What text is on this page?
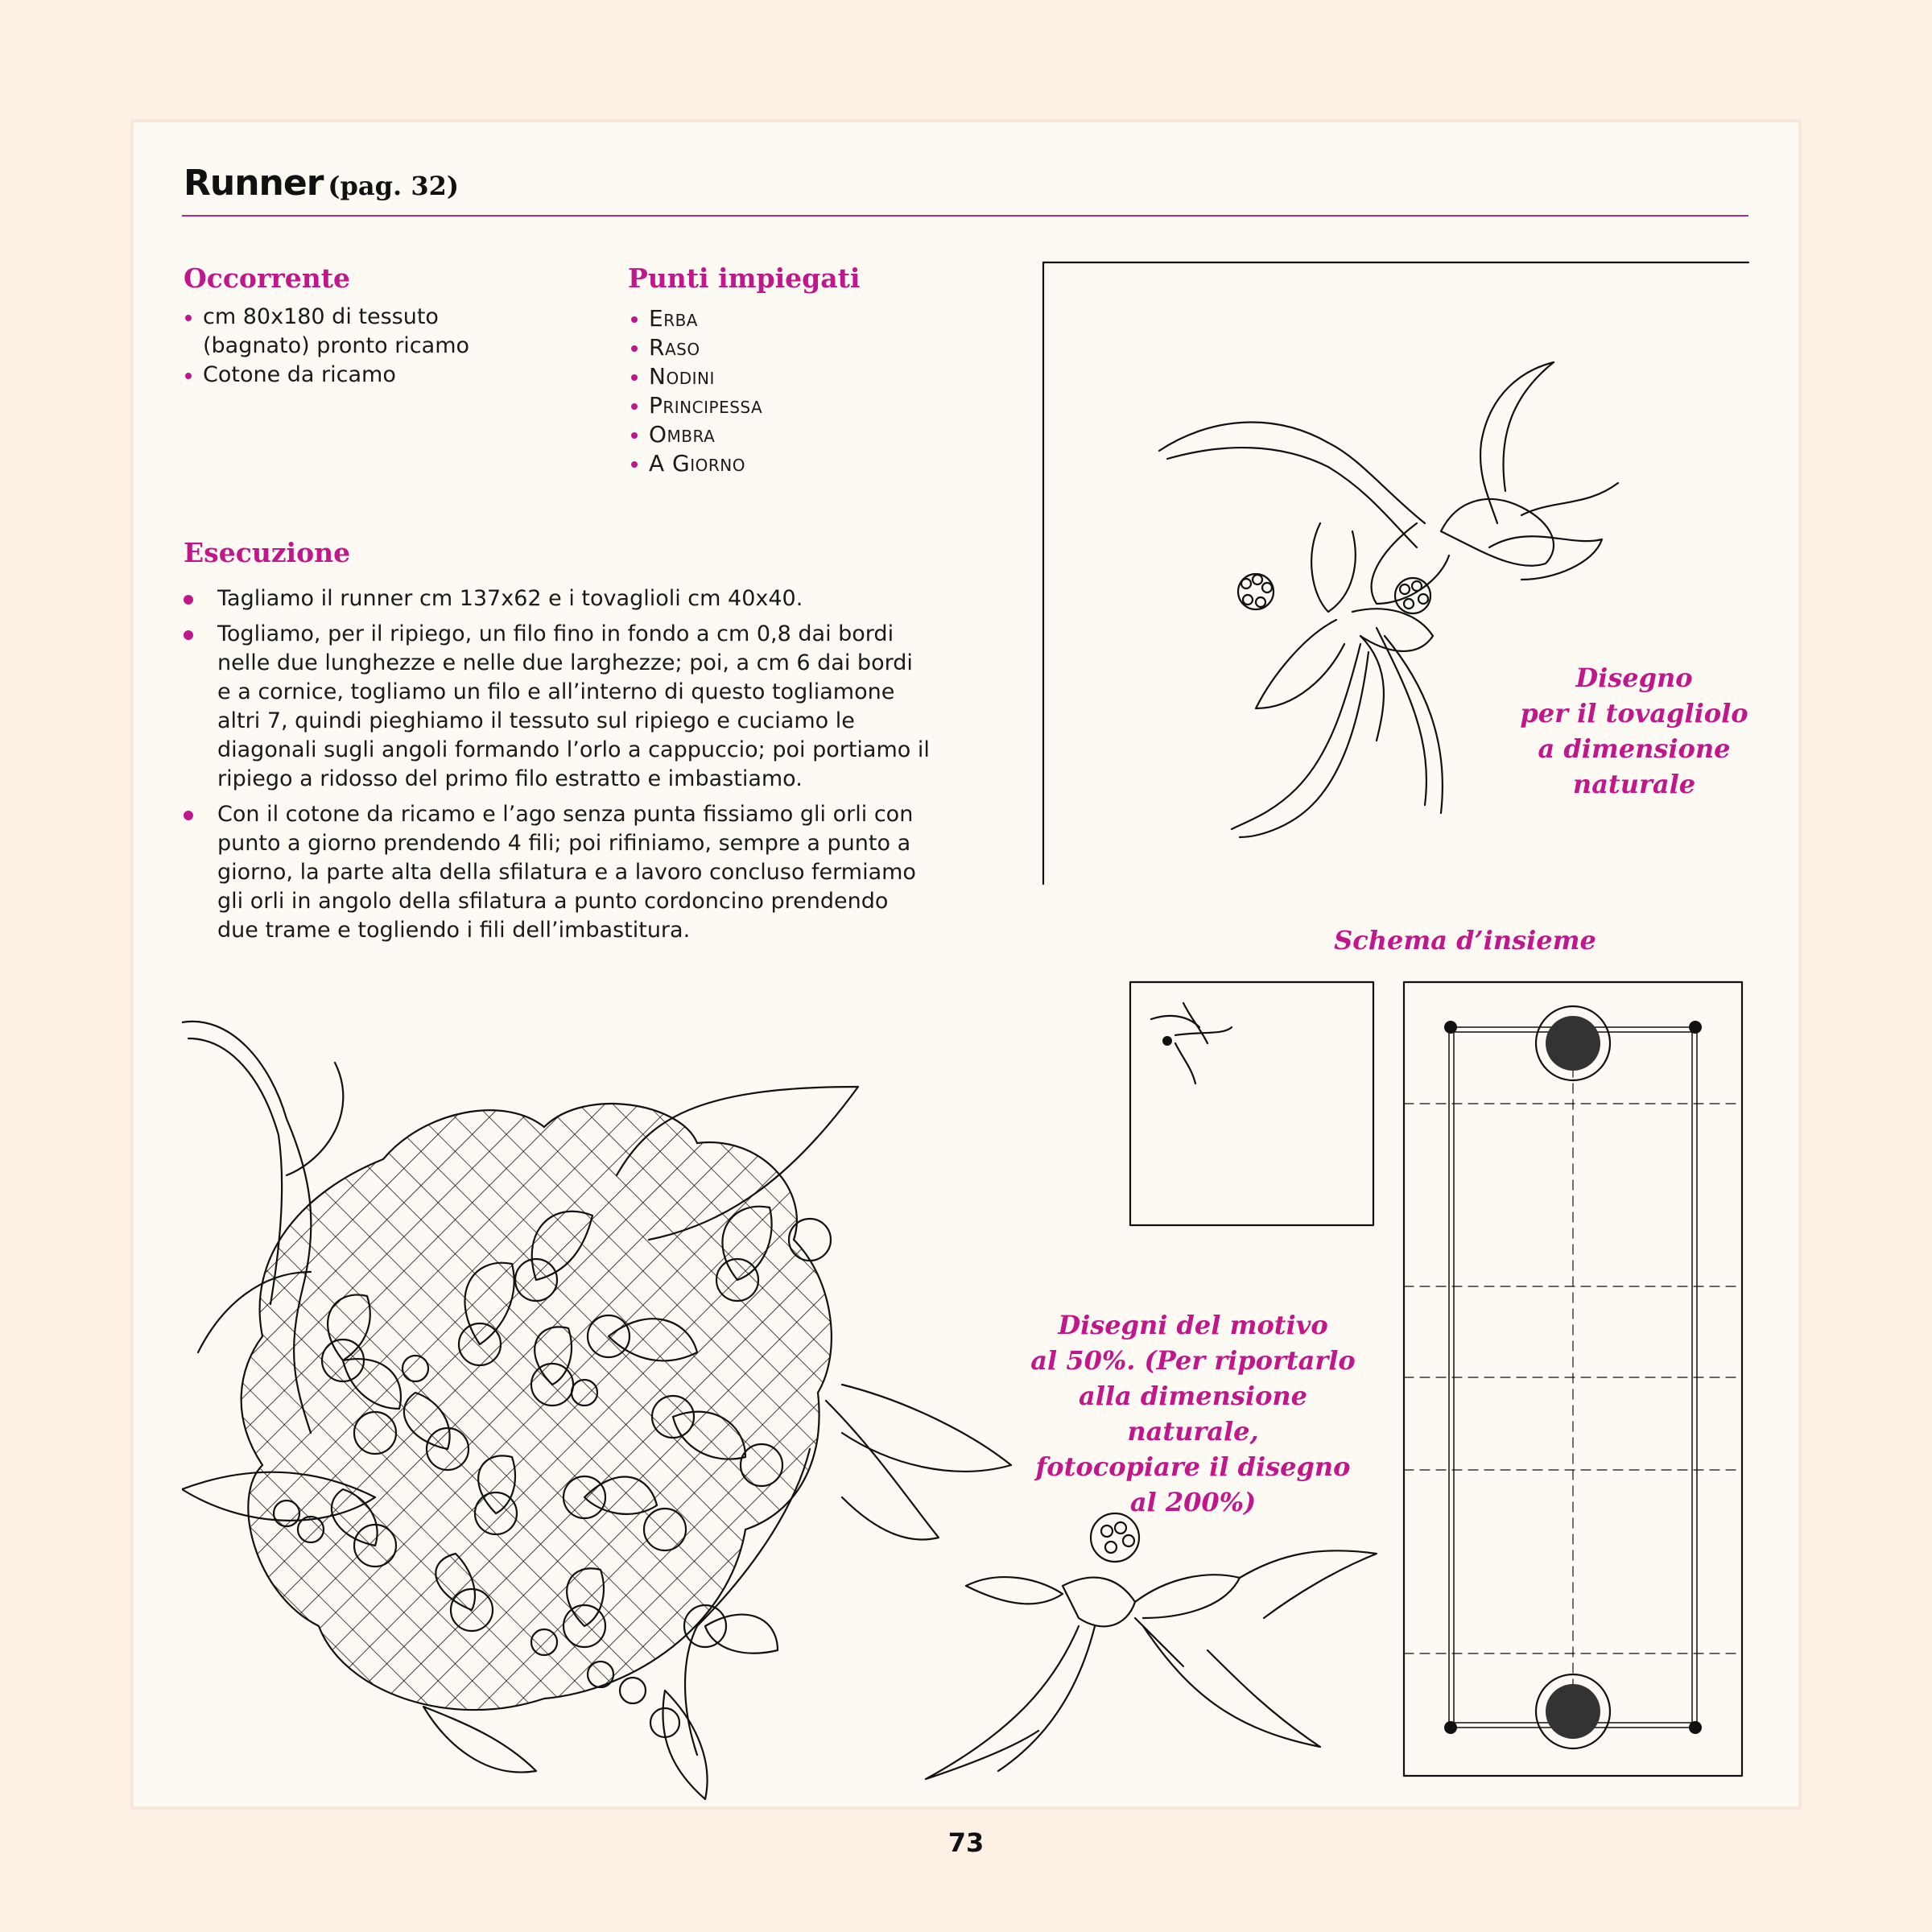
Runner (pag. 32)
Occorrente
cm 80x180 di tessuto (bagnato) pronto ricamo
Cotone da ricamo
Punti impiegati
Erba
Raso
Nodini
Principessa
Ombra
A Giorno
Esecuzione
Tagliamo il runner cm 137x62 e i tovaglioli cm 40x40.
Togliamo, per il ripiego, un filo fino in fondo a cm 0,8 dai bordi nelle due lunghezze e nelle due larghezze; poi, a cm 6 dai bordi e a cornice, togliamo un filo e all’interno di questo togliamone altri 7, quindi pieghiamo il tessuto sul ripiego e cuciamo le diagonali sugli angoli formando l’orlo a cappuccio; poi portiamo il ripiego a ridosso del primo filo estratto e imbastiamo.
Con il cotone da ricamo e l’ago senza punta fissiamo gli orli con punto a giorno prendendo 4 fili; poi rifiniamo, sempre a punto a giorno, la parte alta della sfilatura e a lavoro concluso fermiamo gli orli in angolo della sfilatura a punto cordoncino prendendo due trame e togliendo i fili dell’imbastitura.
Disegno
per il tovagliolo
a dimensione
naturale
Schema d’insieme
Disegni del motivo
al 50%. (Per riportarlo
alla dimensione naturale,
fotocopiare il disegno
al 200%)
73
